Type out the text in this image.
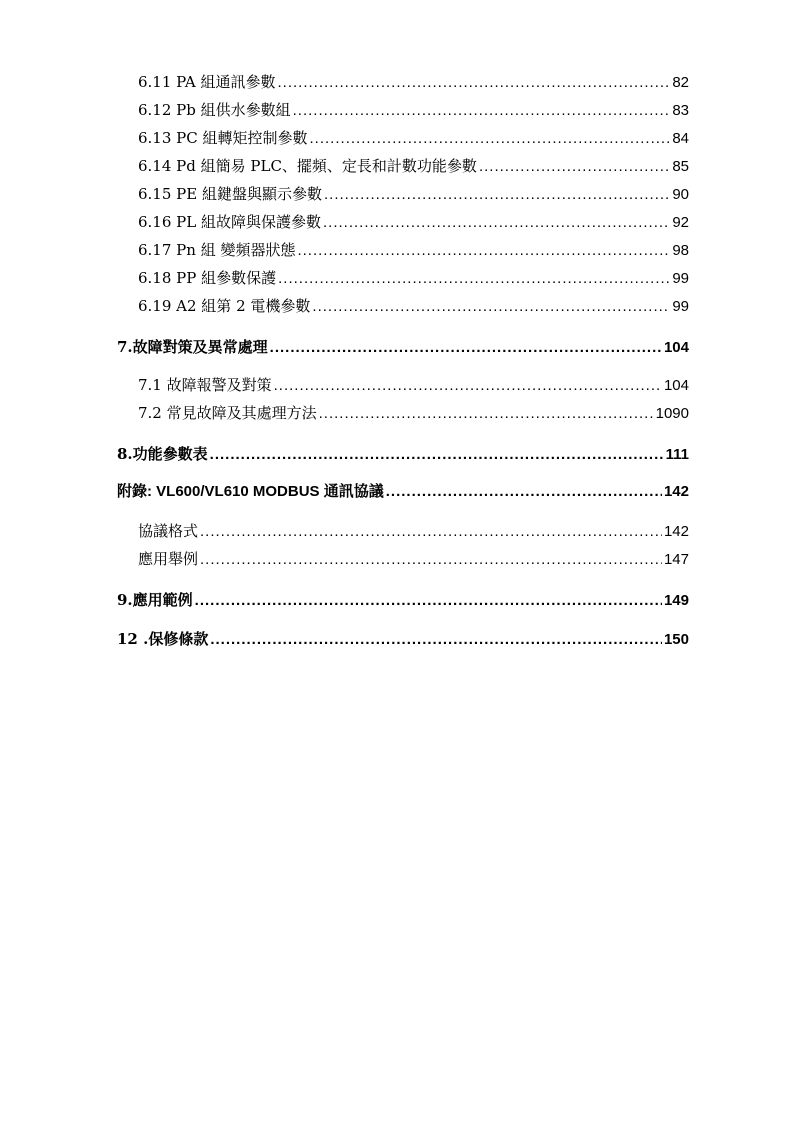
6.11 PA 組通訊參數 .....	82
6.12 Pb 組供水參數組 .....	83
6.13 PC 組轉矩控制參數 .....	84
6.14 Pd 組簡易 PLC、擺頻、定長和計數功能參數 .....	85
6.15 PE 組鍵盤與顯示參數 .....	90
6.16 PL 組故障與保護參數 .....	92
6.17 Pn 組 變頻器狀態 .....	98
6.18 PP 組參數保護 .....	99
6.19 A2 組第 2 電機參數 .....	99
7.故障對策及異常處理 .....	104
7.1 故障報警及對策 .....	104
7.2 常見故障及其處理方法 .....	1090
8.功能參數表 .....	111
附錄: VL600/VL610 MODBUS 通訊協議 .....	142
協議格式 .....	142
應用舉例 .....	147
9.應用範例 .....	149
12 .保修條款 .....	150
